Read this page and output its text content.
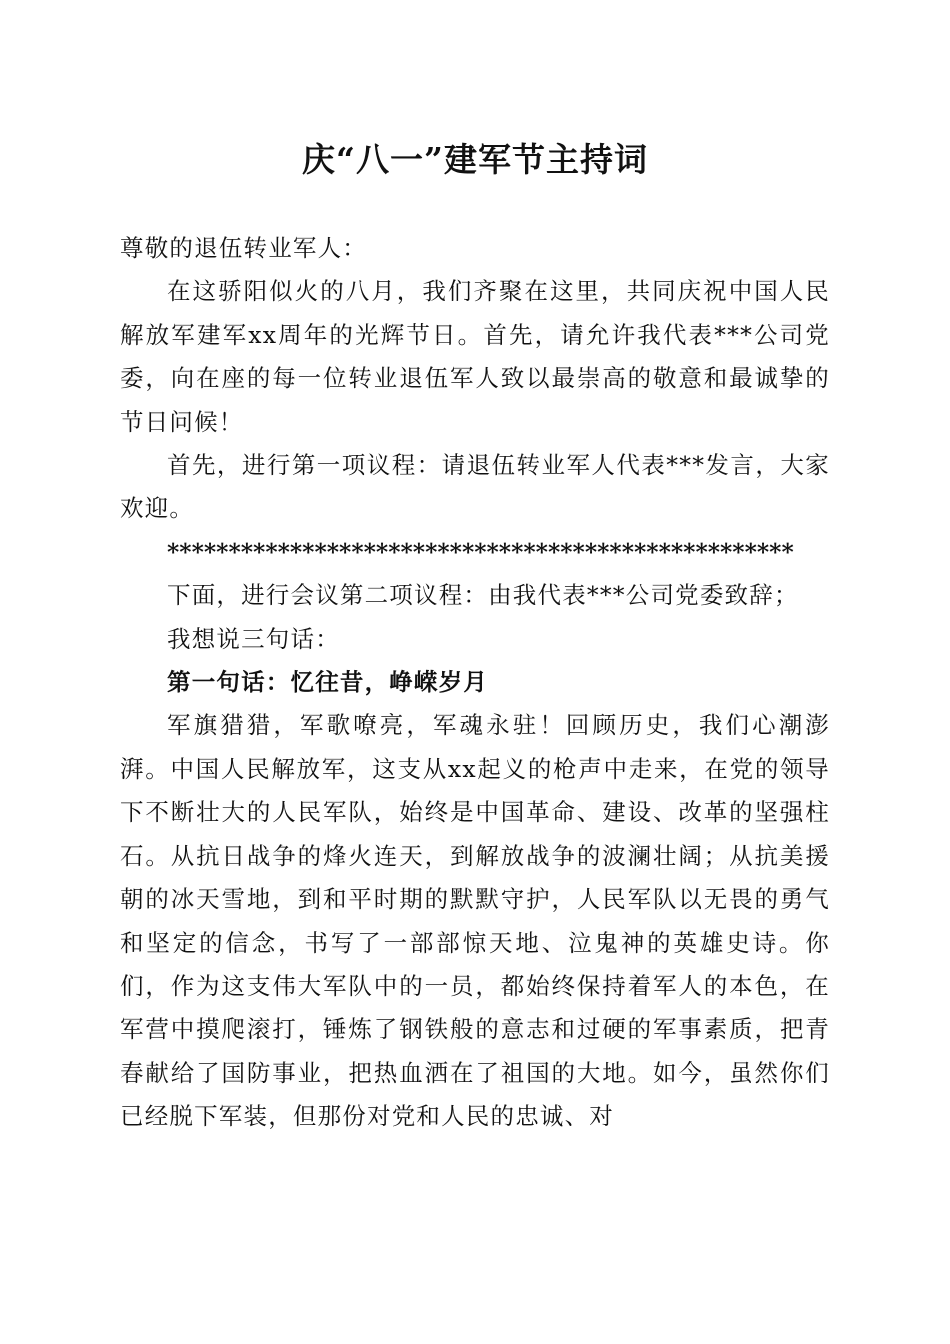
庆“八一”建军节主持词

尊敬的退伍转业军人：

在这骄阳似火的八月，我们齐聚在这里，共同庆祝中国人民解放军建军xx周年的光辉节日。首先，请允许我代表***公司党委，向在座的每一位转业退伍军人致以最崇高的敬意和最诚挚的节日问候！

首先，进行第一项议程：请退伍转业军人代表***发言，大家欢迎。

***************************************************

下面，进行会议第二项议程：由我代表***公司党委致辞；

我想说三句话：

第一句话：忆往昔，峥嵘岁月

军旗猎猎，军歌嘹亮，军魂永驻！回顾历史，我们心潮澎湃。中国人民解放军，这支从xx起义的枪声中走来，在党的领导下不断壮大的人民军队，始终是中国革命、建设、改革的坚强柱石。从抗日战争的烽火连天，到解放战争的波澜壮阔；从抗美援朝的冰天雪地，到和平时期的默默守护，人民军队以无畏的勇气和坚定的信念，书写了一部部惊天地、泣鬼神的英雄史诗。你们，作为这支伟大军队中的一员，都始终保持着军人的本色，在军营中摸爬滚打，锤炼了钢铁般的意志和过硬的军事素质，把青春献给了国防事业，把热血洒在了祖国的大地。如今，虽然你们已经脱下军装，但那份对党和人民的忠诚、对
